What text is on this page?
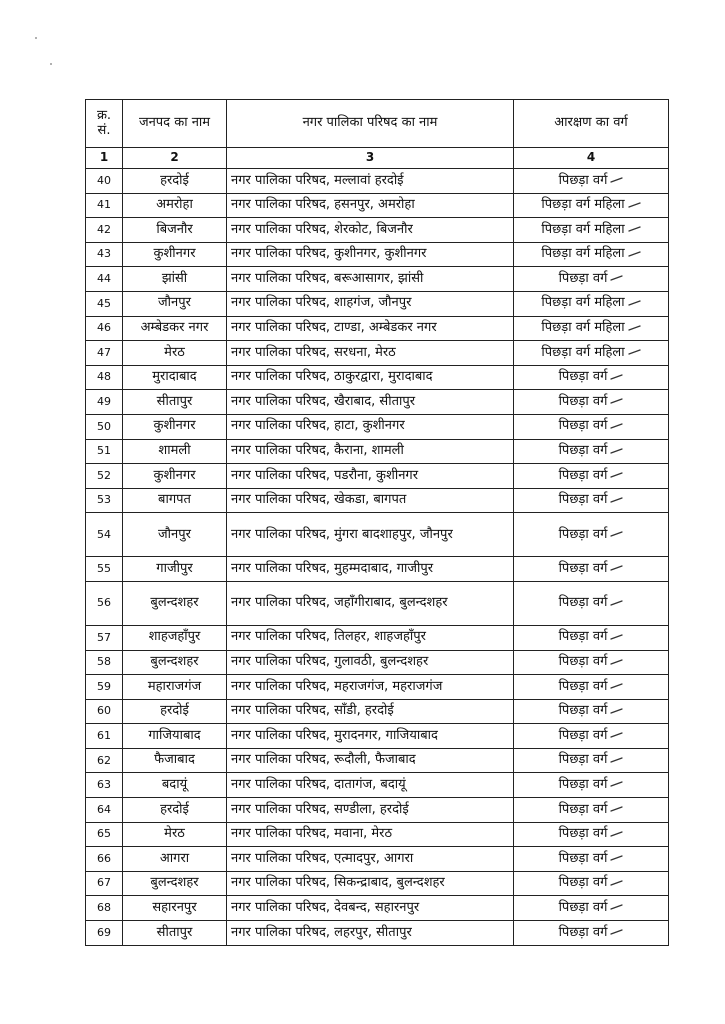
क्र. सं.	जनपद का नाम	नगर पालिका परिषद का नाम	आरक्षण का वर्ग
1	2	3	4
40	हरदोई	नगर पालिका परिषद, मल्लावां हरदोई	पिछड़ा वर्ग

41	अमरोहा	नगर पालिका परिषद, हसनपुर, अमरोहा	पिछड़ा वर्ग महिला

42	बिजनौर	नगर पालिका परिषद, शेरकोट, बिजनौर	पिछड़ा वर्ग महिला

43	कुशीनगर	नगर पालिका परिषद, कुशीनगर, कुशीनगर	पिछड़ा वर्ग महिला

44	झांसी	नगर पालिका परिषद, बरूआसागर, झांसी	पिछड़ा वर्ग

45	जौनपुर	नगर पालिका परिषद, शाहगंज, जौनपुर	पिछड़ा वर्ग महिला

46	अम्बेडकर नगर	नगर पालिका परिषद, टाण्डा, अम्बेडकर नगर	पिछड़ा वर्ग महिला

47	मेरठ	नगर पालिका परिषद, सरधना, मेरठ	पिछड़ा वर्ग महिला

48	मुरादाबाद	नगर पालिका परिषद, ठाकुरद्वारा, मुरादाबाद	पिछड़ा वर्ग

49	सीतापुर	नगर पालिका परिषद, खैराबाद, सीतापुर	पिछड़ा वर्ग

50	कुशीनगर	नगर पालिका परिषद, हाटा, कुशीनगर	पिछड़ा वर्ग

51	शामली	नगर पालिका परिषद, कैराना, शामली	पिछड़ा वर्ग

52	कुशीनगर	नगर पालिका परिषद, पडरौना, कुशीनगर	पिछड़ा वर्ग

53	बागपत	नगर पालिका परिषद, खेकडा, बागपत	पिछड़ा वर्ग

54	जौनपुर	नगर पालिका परिषद, मुंगरा बादशाहपुर, जौनपुर	पिछड़ा वर्ग

55	गाजीपुर	नगर पालिका परिषद, मुहम्मदाबाद, गाजीपुर	पिछड़ा वर्ग

56	बुलन्दशहर	नगर पालिका परिषद, जहाँगीराबाद, बुलन्दशहर	पिछड़ा वर्ग

57	शाहजहाँपुर	नगर पालिका परिषद, तिलहर, शाहजहाँपुर	पिछड़ा वर्ग

58	बुलन्दशहर	नगर पालिका परिषद, गुलावठी, बुलन्दशहर	पिछड़ा वर्ग

59	महाराजगंज	नगर पालिका परिषद, महराजगंज, महराजगंज	पिछड़ा वर्ग

60	हरदोई	नगर पालिका परिषद, साँडी, हरदोई	पिछड़ा वर्ग

61	गाजियाबाद	नगर पालिका परिषद, मुरादनगर, गाजियाबाद	पिछड़ा वर्ग

62	फैजाबाद	नगर पालिका परिषद, रूदौली, फैजाबाद	पिछड़ा वर्ग

63	बदायूं	नगर पालिका परिषद, दातागंज, बदायूं	पिछड़ा वर्ग

64	हरदोई	नगर पालिका परिषद, सण्डीला, हरदोई	पिछड़ा वर्ग

65	मेरठ	नगर पालिका परिषद, मवाना, मेरठ	पिछड़ा वर्ग

66	आगरा	नगर पालिका परिषद, एत्मादपुर, आगरा	पिछड़ा वर्ग

67	बुलन्दशहर	नगर पालिका परिषद, सिकन्द्राबाद, बुलन्दशहर	पिछड़ा वर्ग

68	सहारनपुर	नगर पालिका परिषद, देवबन्द, सहारनपुर	पिछड़ा वर्ग

69	सीतापुर	नगर पालिका परिषद, लहरपुर, सीतापुर	पिछड़ा वर्ग
